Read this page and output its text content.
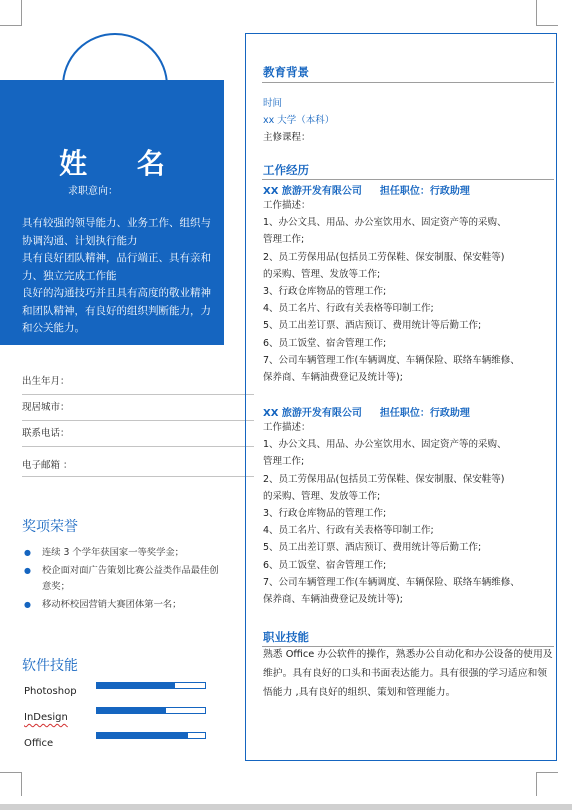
姓 名
求职意向：
具有较强的领导能力、业务工作、组织与协调沟通、计划执行能力
具有良好团队精神，品行端正、具有亲和力、独立完成工作能
良好的沟通技巧并且具有高度的敬业精神和团队精神，有良好的组织判断能力，力和公关能力。
出生年月：
现居城市：
联系电话：
电子邮箱 ：
奖项荣誉
● 连续 3 个学年获国家一等奖学金；
● 校企面对面广告策划比赛公益类作品最佳创意奖；
● 移动杯校园营销大赛团体第一名；
软件技能
Photoshop
InDesign
Office
教育背景
时间
xx 大学（本科）
主修课程：
工作经历
XX 旅游开发有限公司 担任职位：行政助理
工作描述：
1、办公文具、用品、办公室饮用水、固定资产等的采购、
管理工作;
2、员工劳保用品(包括员工劳保鞋、保安制服、保安鞋等)
的采购、管理、发放等工作;
3、行政仓库物品的管理工作;
4、员工名片、行政有关表格等印制工作;
5、员工出差订票、酒店预订、费用统计等后勤工作;
6、员工饭堂、宿舍管理工作;
7、公司车辆管理工作(车辆调度、车辆保险、联络车辆维修、
保养商、车辆油费登记及统计等);
XX 旅游开发有限公司 担任职位：行政助理
工作描述：
1、办公文具、用品、办公室饮用水、固定资产等的采购、
管理工作;
2、员工劳保用品(包括员工劳保鞋、保安制服、保安鞋等)
的采购、管理、发放等工作;
3、行政仓库物品的管理工作;
4、员工名片、行政有关表格等印制工作;
5、员工出差订票、酒店预订、费用统计等后勤工作;
6、员工饭堂、宿舍管理工作;
7、公司车辆管理工作(车辆调度、车辆保险、联络车辆维修、
保养商、车辆油费登记及统计等);
职业技能
熟悉 Office 办公软件的操作，熟悉办公自动化和办公设备的使用及维护。具有良好的口头和书面表达能力。具有很强的学习适应和领悟能力 ,具有良好的组织、策划和管理能力。
